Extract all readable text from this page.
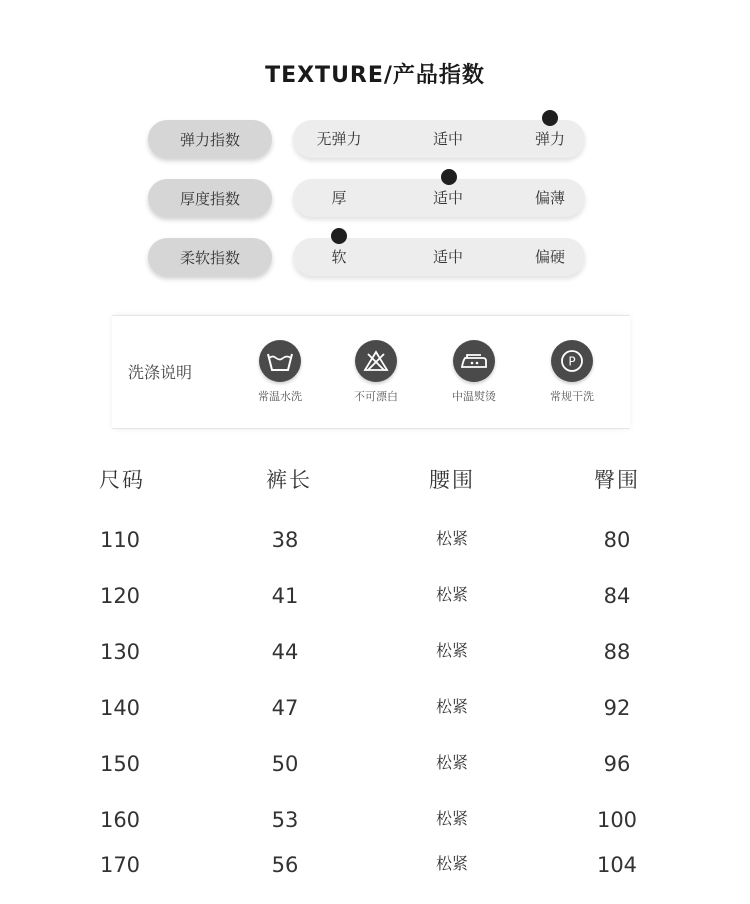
TEXTURE/产品指数
弹力指数	无弹力	适中	弹力
厚度指数	厚	适中	偏薄
柔软指数	软	适中	偏硬
洗涤说明
常温水洗	不可漂白	中温熨烫
P
常规干洗
尺码	裤长	腰围	臀围
110	38	松紧	80
120	41	松紧	84
130	44	松紧	88
140	47	松紧	92
150	50	松紧	96
160	53	松紧	100
170	56	松紧	104
